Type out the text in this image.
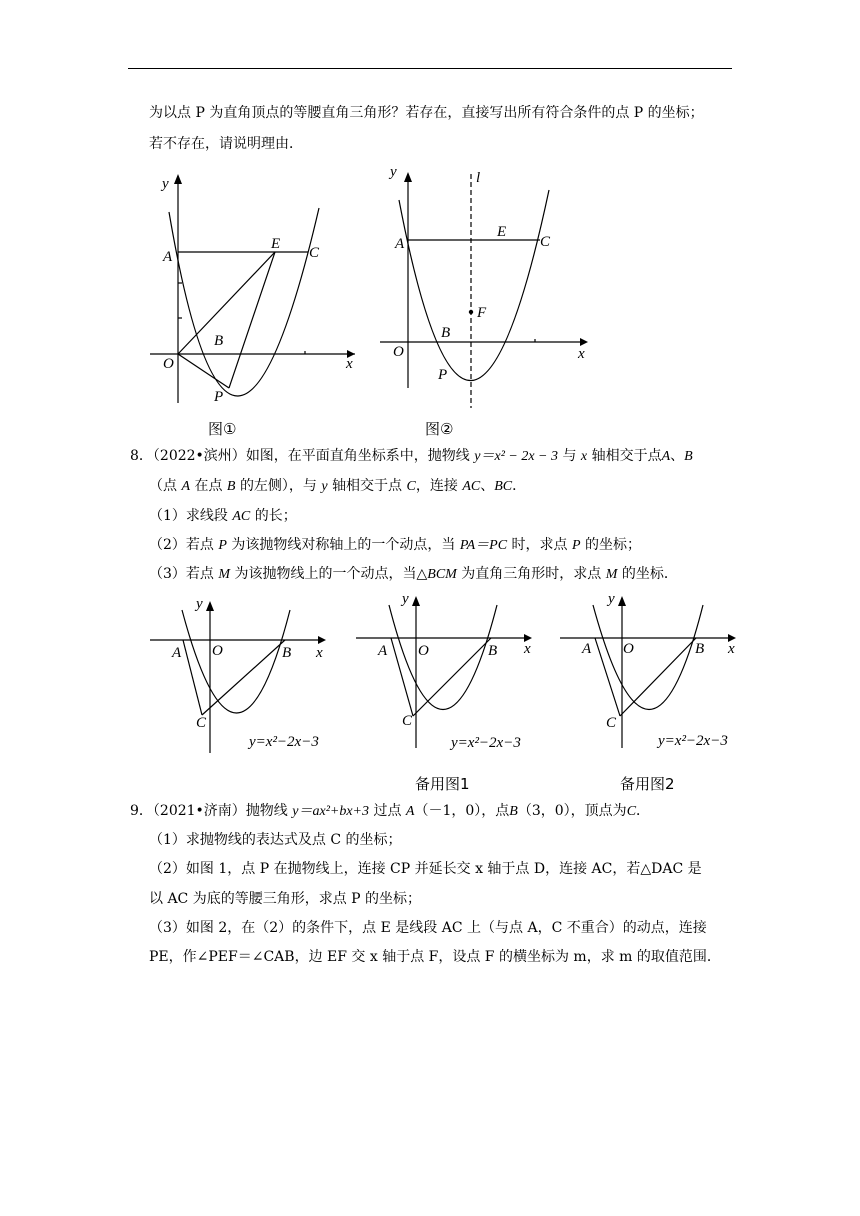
为以点 P 为直角顶点的等腰直角三角形？若存在，直接写出所有符合条件的点 P 的坐标；
若不存在，请说明理由．
y
x
A
E
C
B
O
P
图①
y
x
l
A
E
C
F
B
O
P
图②
8．（2022•滨州）如图，在平面直角坐标系中，抛物线 y＝x² − 2x − 3 与 x 轴相交于点A、B
（点 A 在点 B 的左侧），与 y 轴相交于点 C，连接 AC、BC．
（1）求线段 AC 的长；
（2）若点 P 为该抛物线对称轴上的一个动点，当 PA＝PC 时，求点 P 的坐标；
（3）若点 M 为该抛物线上的一个动点，当△BCM 为直角三角形时，求点 M 的坐标．
y
x
A O	B
C
y=x²−2x−3
y
x
A O	B
C
y=x²−2x−3
y
x
A O	B
C
y=x²−2x−3
备用图1	备用图2
9．（2021•济南）抛物线 y＝ax²+bx+3 过点 A（－1，0），点B（3，0），顶点为C．
（1）求抛物线的表达式及点 C 的坐标；
（2）如图 1，点 P 在抛物线上，连接 CP 并延长交 x 轴于点 D，连接 AC，若△DAC 是
以 AC 为底的等腰三角形，求点 P 的坐标；
（3）如图 2，在（2）的条件下，点 E 是线段 AC 上（与点 A，C 不重合）的动点，连接
PE，作∠PEF＝∠CAB，边 EF 交 x 轴于点 F，设点 F 的横坐标为 m，求 m 的取值范围．
